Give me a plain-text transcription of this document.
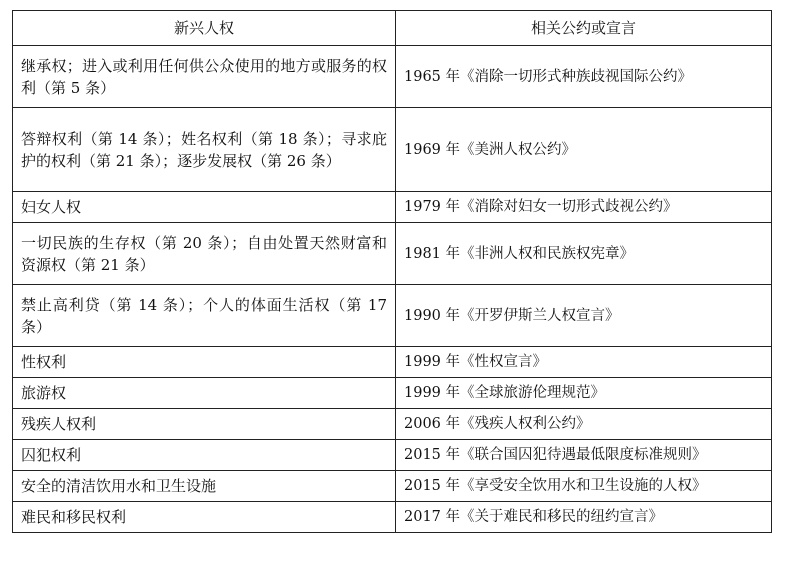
新兴人权	相关公约或宣言
继承权；进入或利用任何供公众使用的地方或服务的权利（第 5 条）	1965 年《消除一切形式种族歧视国际公约》
答辩权利（第 14 条）；姓名权利（第 18 条）；寻求庇护的权利（第 21 条）；逐步发展权（第 26 条）	1969 年《美洲人权公约》
妇女人权	1979 年《消除对妇女一切形式歧视公约》
一切民族的生存权（第 20 条）；自由处置天然财富和资源权（第 21 条）	1981 年《非洲人权和民族权宪章》
禁止高利贷（第 14 条）；个人的体面生活权（第 17 条）	1990 年《开罗伊斯兰人权宣言》
性权利	1999 年《性权宣言》
旅游权	1999 年《全球旅游伦理规范》
残疾人权利	2006 年《残疾人权利公约》
囚犯权利	2015 年《联合国囚犯待遇最低限度标准规则》
安全的清洁饮用水和卫生设施	2015 年《享受安全饮用水和卫生设施的人权》
难民和移民权利	2017 年《关于难民和移民的纽约宣言》
